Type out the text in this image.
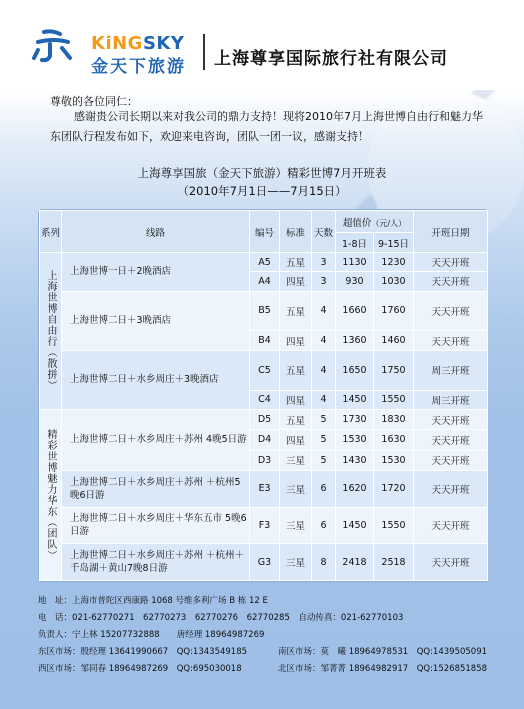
KiNGSKY
金天下旅游 上海尊享国际旅行社有限公司
尊敬的各位同仁：
感谢贵公司长期以来对我公司的鼎力支持！现将2010年7月上海世博自由行和魅力华东团队行程发布如下，欢迎来电咨询，团队一团一议，感谢支持！
上海尊享国旅（金天下旅游）精彩世博7月开班表
（2010年7月1日——7月15日）
系列	线路	编号	标准	天数	超值价（元/人）		开班日期
					1-8日	9-15日	
上海世博自由行（散拼）	上海世博一日＋2晚酒店	A5	五星	3	1130	1230	天天开班
		A4	四星	3	930	1030	天天开班
	上海世博二日＋3晚酒店	B5	五星	4	1660	1760	天天开班
		B4	四星	4	1360	1460	天天开班
	上海世博二日＋水乡周庄＋3晚酒店	C5	五星	4	1650	1750	周三开班
		C4	四星	4	1450	1550	周三开班
精彩世博魅力华东（团队）	上海世博二日＋水乡周庄＋苏州 4晚5日游	D5	五星	5	1730	1830	天天开班
		D4	四星	5	1530	1630	天天开班
		D3	三星	5	1430	1530	天天开班
	上海世博二日＋水乡周庄＋苏州 ＋杭州5晚6日游	E3	三星	6	1620	1720	天天开班
	上海世博二日＋水乡周庄＋华东五市 5晚6日游	F3	三星	6	1450	1550	天天开班
	上海世博二日＋水乡周庄＋苏州 ＋杭州＋千岛湖＋黄山7晚8日游	G3	三星	8	2418	2518	天天开班
地　址：上海市普陀区西康路 1068 号维多利广场 B 栋 12 E
电　话：021-62770271　62770273　62770276　62770285　自动传真：021-62770103
负责人：宁上林 15207732888　　唐经理 18964987269
东区市场：殷经理 13641990667　QQ:1343549185	南区市场：莫　曦 18964978531　QQ:1439505091
西区市场：邹同春 18964987269　QQ:695030018	北区市场：邹菁菁 18964982917　QQ:1526851858
